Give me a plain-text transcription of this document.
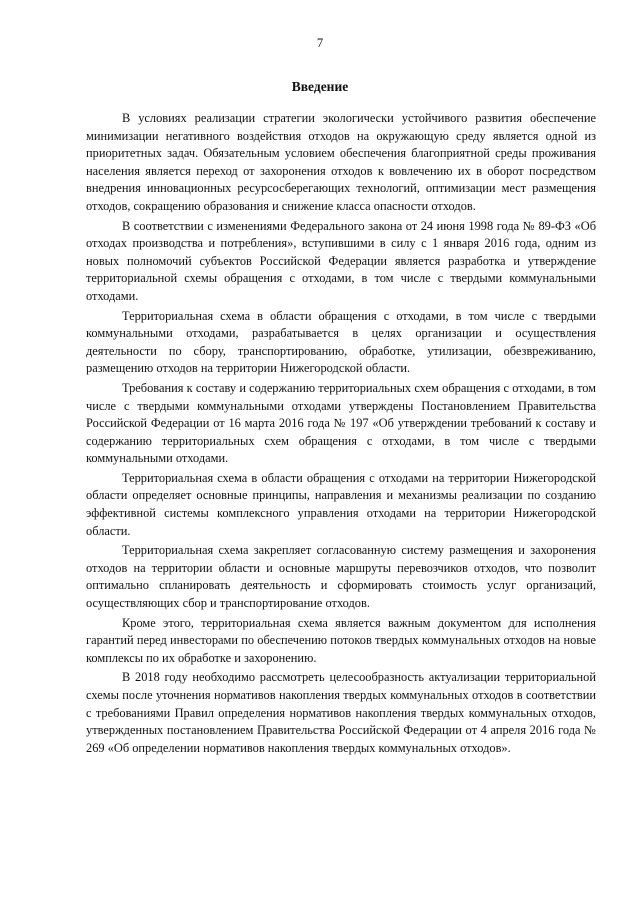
7
Введение

В условиях реализации стратегии экологически устойчивого развития обеспечение минимизации негативного воздействия отходов на окружающую среду является одной из приоритетных задач. Обязательным условием обеспечения благоприятной среды проживания населения является переход от захоронения отходов к вовлечению их в оборот посредством внедрения инновационных ресурсосберегающих технологий, оптимизации мест размещения отходов, сокращению образования и снижение класса опасности отходов.

В соответствии с изменениями Федерального закона от 24 июня 1998 года № 89-ФЗ «Об отходах производства и потребления», вступившими в силу с 1 января 2016 года, одним из новых полномочий субъектов Российской Федерации является разработка и утверждение территориальной схемы обращения с отходами, в том числе с твердыми коммунальными отходами.

Территориальная схема в области обращения с отходами, в том числе с твердыми коммунальными отходами, разрабатывается в целях организации и осуществления деятельности по сбору, транспортированию, обработке, утилизации, обезвреживанию, размещению отходов на территории Нижегородской области.

Требования к составу и содержанию территориальных схем обращения с отходами, в том числе с твердыми коммунальными отходами утверждены Постановлением Правительства Российской Федерации от 16 марта 2016 года № 197 «Об утверждении требований к составу и содержанию территориальных схем обращения с отходами, в том числе с твердыми коммунальными отходами.

Территориальная схема в области обращения с отходами на территории Нижегородской области определяет основные принципы, направления и механизмы реализации по созданию эффективной системы комплексного управления отходами на территории Нижегородской области.

Территориальная схема закрепляет согласованную систему размещения и захоронения отходов на территории области и основные маршруты перевозчиков отходов, что позволит оптимально спланировать деятельность и сформировать стоимость услуг организаций, осуществляющих сбор и транспортирование отходов.

Кроме этого, территориальная схема является важным документом для исполнения гарантий перед инвесторами по обеспечению потоков твердых коммунальных отходов на новые комплексы по их обработке и захоронению.

В 2018 году необходимо рассмотреть целесообразность актуализации территориальной схемы после уточнения нормативов накопления твердых коммунальных отходов в соответствии с требованиями Правил определения нормативов накопления твердых коммунальных отходов, утвержденных постановлением Правительства Российской Федерации от 4 апреля 2016 года № 269 «Об определении нормативов накопления твердых коммунальных отходов».
